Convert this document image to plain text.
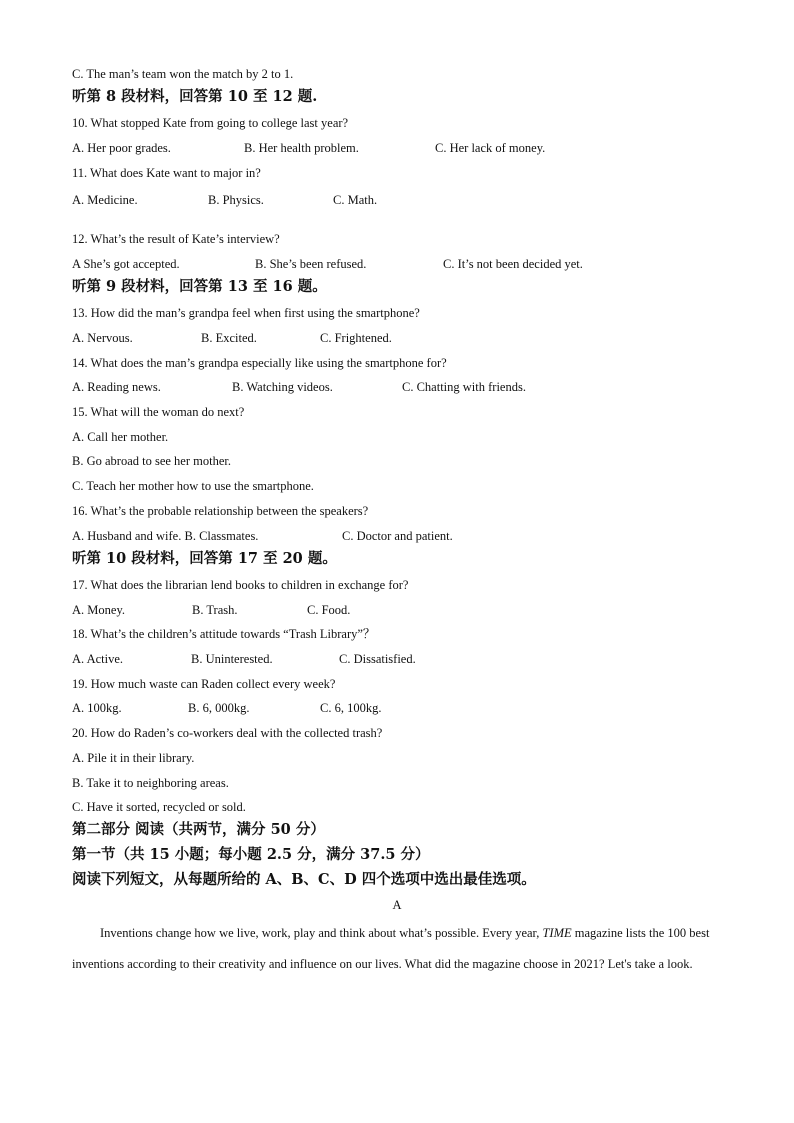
C. The man’s team won the match by 2 to 1.
听第 8 段材料，回答第 10 至 12 题.
10. What stopped Kate from going to college last year?
A. Her poor grades.	B. Her health problem.	C. Her lack of money.
11. What does Kate want to major in?
A. Medicine.	B. Physics.	C. Math.
12. What’s the result of Kate’s interview?
A She’s got accepted.	B. She’s been refused.	C. It’s not been decided yet.
听第 9 段材料，回答第 13 至 16 题。
13. How did the man’s grandpa feel when first using the smartphone?
A. Nervous.	B. Excited.	C. Frightened.
14. What does the man’s grandpa especially like using the smartphone for?
A. Reading news.	B. Watching videos.	C. Chatting with friends.
15. What will the woman do next?
A. Call her mother.
B. Go abroad to see her mother.
C. Teach her mother how to use the smartphone.
16. What’s the probable relationship between the speakers?
A. Husband and wife. B. Classmates.	C. Doctor and patient.
听第 10 段材料，回答第 17 至 20 题。
17. What does the librarian lend books to children in exchange for?
A. Money.	B. Trash.	C. Food.
18. What’s the children’s attitude towards “Trash Library”？
A. Active.	B. Uninterested.	C. Dissatisfied.
19. How much waste can Raden collect every week?
A. 100kg.	B. 6, 000kg.	C. 6, 100kg.
20. How do Raden’s co-workers deal with the collected trash?
A. Pile it in their library.
B. Take it to neighboring areas.
C. Have it sorted, recycled or sold.
第二部分 阅读（共两节，满分 50 分）
第一节（共 15 小题；每小题 2.5 分，满分 37.5 分）
阅读下列短文，从每题所给的 A、B、C、D 四个选项中选出最佳选项。
A

Inventions change how we live, work, play and think about what’s possible. Every year, TIME magazine lists the 100 best inventions according to their creativity and influence on our lives. What did the magazine choose in 2021? Let's take a look.
